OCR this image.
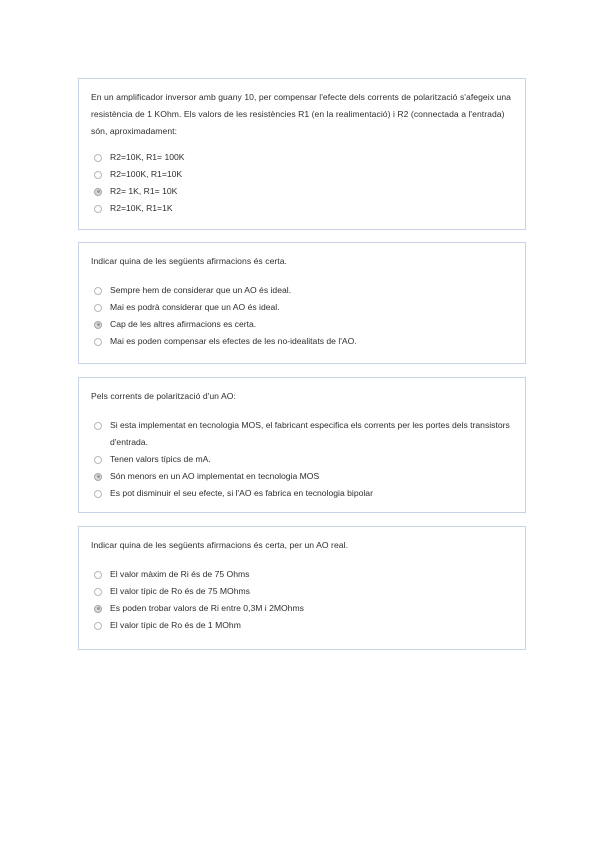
En un amplificador inversor amb guany 10, per compensar l'efecte dels corrents de polarització s'afegeix una resistència de 1 KOhm. Els valors de les resistències R1 (en la realimentació) i R2 (connectada a l'entrada) són, aproximadament:

R2=10K, R1= 100K
R2=100K, R1=10K
R2= 1K, R1= 10K
R2=10K, R1=1K

Indicar quina de les següents afirmacions és certa.

Sempre hem de considerar que un AO és ideal.
Mai es podrà considerar que un AO és ideal.
Cap de les altres afirmacions es certa.
Mai es poden compensar els efectes de les no-idealitats de l'AO.

Pels corrents de polarització d'un AO:

Si esta implementat en tecnologia MOS, el fabricant especifica els corrents per les portes dels transistors d'entrada.
Tenen valors típics de mA.
Són menors en un AO implementat en tecnologia MOS
Es pot disminuir el seu efecte, si l'AO es fabrica en tecnologia bipolar

Indicar quina de les següents afirmacions és certa, per un AO real.

El valor màxim de Ri és de 75 Ohms
El valor típic de Ro és de 75 MOhms
Es poden trobar valors de Ri entre 0,3M i 2MOhms
El valor típic de Ro és de 1 MOhm
